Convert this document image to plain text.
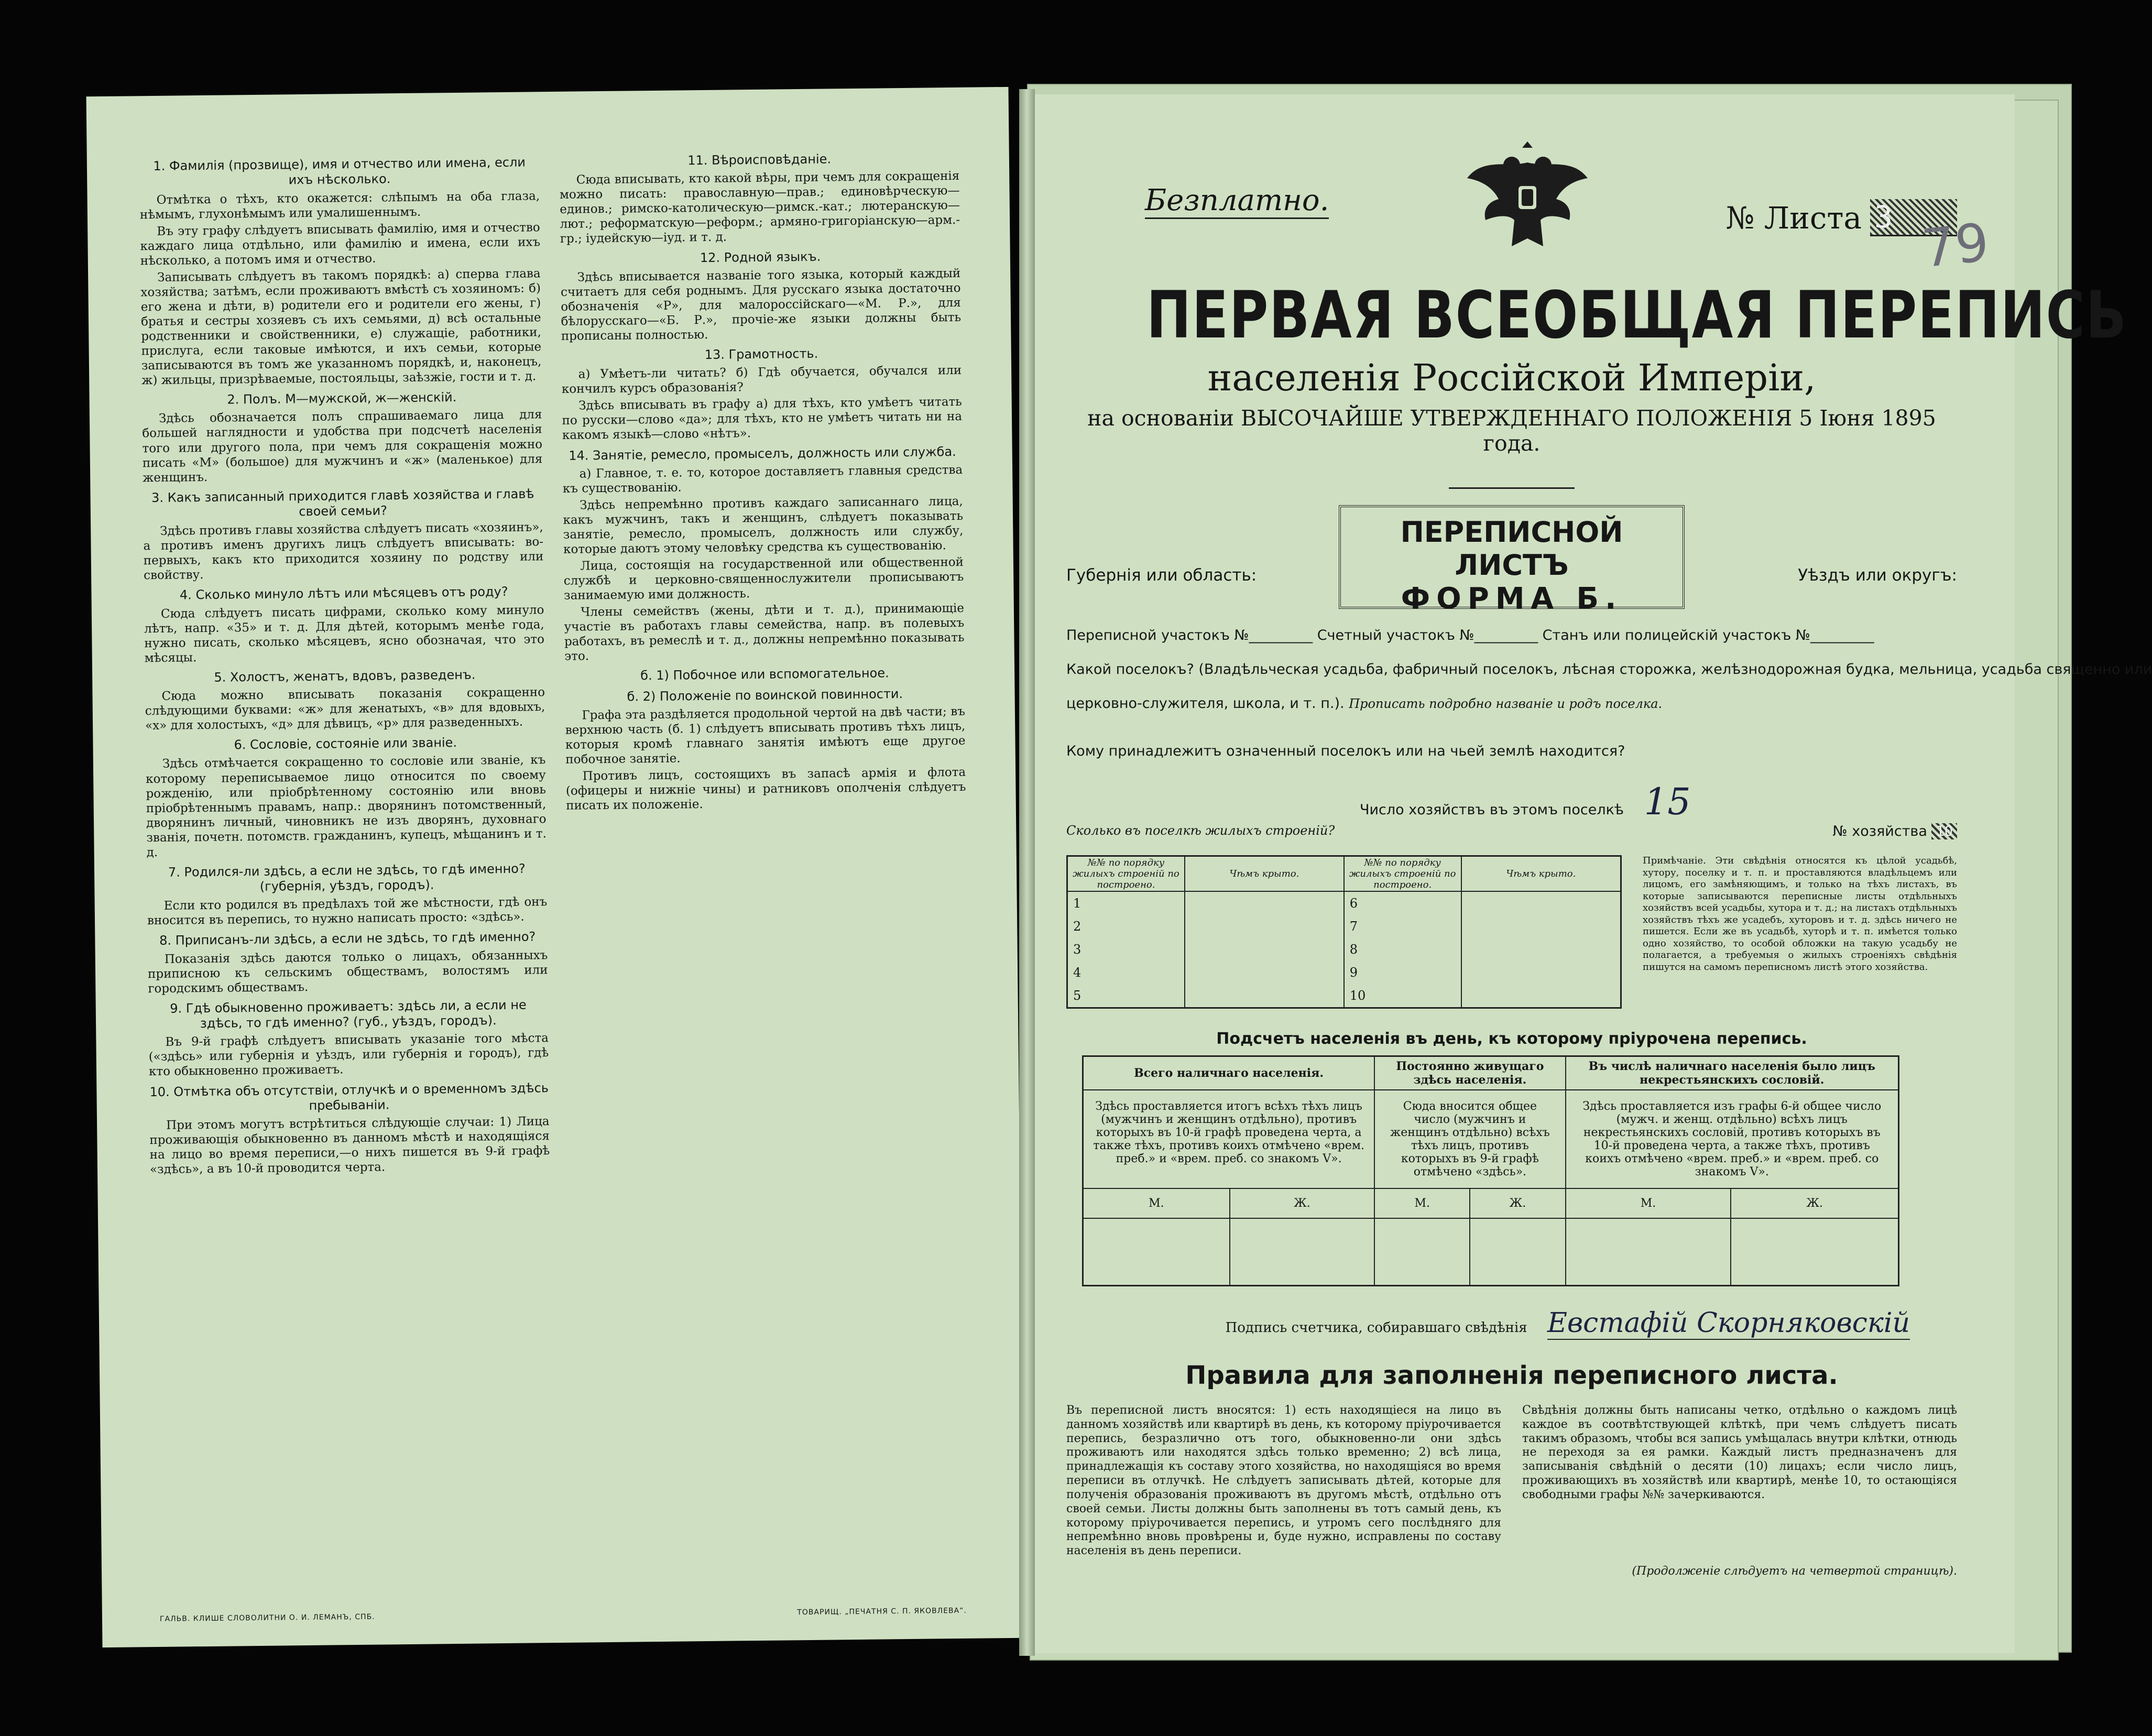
1. Фамилія (прозвище), имя и отчество или имена, если ихъ нѣсколько.
Отмѣтка о тѣхъ, кто окажется: слѣпымъ на оба глаза, нѣмымъ, глухонѣмымъ или умалишеннымъ.
Въ эту графу слѣдуетъ вписывать фамилію, имя и отчество каждаго лица отдѣльно, или фамилію и имена, если ихъ нѣсколько, а потомъ имя и отчество.
Записывать слѣдуетъ въ такомъ порядкѣ: а) сперва глава хозяйства; затѣмъ, если проживаютъ вмѣстѣ съ хозяиномъ: б) его жена и дѣти, в) родители его и родители его жены, г) братья и сестры хозяевъ съ ихъ семьями, д) всѣ остальные родственники и свойственники, е) служащіе, работники, прислуга, если таковые имѣются, и ихъ семьи, которые записываются въ томъ же указанномъ порядкѣ, и, наконецъ, ж) жильцы, призрѣваемые, постояльцы, заѣзжіе, гости и т. д.
2. Полъ. М—мужской, ж—женскій.
Здѣсь обозначается полъ спрашиваемаго лица для большей наглядности и удобства при подсчетѣ населенія того или другого пола, при чемъ для сокращенія можно писать «М» (большое) для мужчинъ и «ж» (маленькое) для женщинъ.
3. Какъ записанный приходится главѣ хозяйства и главѣ своей семьи?
Здѣсь противъ главы хозяйства слѣдуетъ писать «хозяинъ», а противъ именъ другихъ лицъ слѣдуетъ вписывать: во-первыхъ, какъ кто приходится хозяину по родству или свойству.
4. Сколько минуло лѣтъ или мѣсяцевъ отъ роду?
Сюда слѣдуетъ писать цифрами, сколько кому минуло лѣтъ, напр. «35» и т. д. Для дѣтей, которымъ менѣе года, нужно писать, сколько мѣсяцевъ, ясно обозначая, что это мѣсяцы.
5. Холостъ, женатъ, вдовъ, разведенъ.
Сюда можно вписывать показанія сокращенно слѣдующими буквами: «ж» для женатыхъ, «в» для вдовыхъ, «х» для холостыхъ, «д» для дѣвицъ, «р» для разведенныхъ.
6. Сословіе, состояніе или званіе.
Здѣсь отмѣчается сокращенно то сословіе или званіе, къ которому переписываемое лицо относится по своему рожденію, или пріобрѣтенному состоянію или вновь пріобрѣтеннымъ правамъ, напр.: дворянинъ потомственный, дворянинъ личный, чиновникъ не изъ дворянъ, духовнаго званія, почетн. потомств. гражданинъ, купецъ, мѣщанинъ и т. д.
7. Родился-ли здѣсь, а если не здѣсь, то гдѣ именно? (губернія, уѣздъ, городъ).
Если кто родился въ предѣлахъ той же мѣстности, гдѣ онъ вносится въ перепись, то нужно написать просто: «здѣсь».
8. Приписанъ-ли здѣсь, а если не здѣсь, то гдѣ именно?
Показанія здѣсь даются только о лицахъ, обязанныхъ приписною къ сельскимъ обществамъ, волостямъ или городскимъ обществамъ.
9. Гдѣ обыкновенно проживаетъ: здѣсь ли, а если не здѣсь, то гдѣ именно? (губ., уѣздъ, городъ).
Въ 9-й графѣ слѣдуетъ вписывать указаніе того мѣста («здѣсь» или губернія и уѣздъ, или губернія и городъ), гдѣ кто обыкновенно проживаетъ.
10. Отмѣтка объ отсутствіи, отлучкѣ и о временномъ здѣсь пребываніи.
При этомъ могутъ встрѣтиться слѣдующіе случаи: 1) Лица проживающія обыкновенно въ данномъ мѣстѣ и находящіяся на лицо во время переписи,—о нихъ пишется въ 9-й графѣ «здѣсь», а въ 10-й проводится черта.
11. Вѣроисповѣданіе.
Сюда вписывать, кто какой вѣры, при чемъ для сокращенія можно писать: православную—прав.; единовѣрческую—единов.; римско-католическую—римск.-кат.; лютеранскую—лют.; реформатскую—реформ.; армяно-григоріанскую—арм.-гр.; іудейскую—іуд. и т. д.
12. Родной языкъ.
Здѣсь вписывается названіе того языка, который каждый считаетъ для себя роднымъ. Для русскаго языка достаточно обозначенія «Р», для малороссійскаго—«М. Р.», для бѣлорусскаго—«Б. Р.», прочіе-же языки должны быть прописаны полностью.
13. Грамотность.
а) Умѣетъ-ли читать? б) Гдѣ обучается, обучался или кончилъ курсъ образованія?
Здѣсь вписывать въ графу а) для тѣхъ, кто умѣетъ читать по русски—слово «да»; для тѣхъ, кто не умѣетъ читать ни на какомъ языкѣ—слово «нѣтъ».
14. Занятіе, ремесло, промыселъ, должность или служба.
а) Главное, т. е. то, которое доставляетъ главныя средства къ существованію.
Здѣсь непремѣнно противъ каждаго записаннаго лица, какъ мужчинъ, такъ и женщинъ, слѣдуетъ показывать занятіе, ремесло, промыселъ, должность или службу, которые даютъ этому человѣку средства къ существованію.
Лица, состоящія на государственной или общественной службѣ и церковно-священнослужители прописываютъ занимаемую ими должность.
Члены семействъ (жены, дѣти и т. д.), принимающіе участіе въ работахъ главы семейства, напр. въ полевыхъ работахъ, въ ремеслѣ и т. д., должны непремѣнно показывать это.
б. 1) Побочное или вспомогательное.
б. 2) Положеніе по воинской повинности.
Графа эта раздѣляется продольной чертой на двѣ части; въ верхнюю часть (б. 1) слѣдуетъ вписывать противъ тѣхъ лицъ, которыя кромѣ главнаго занятія имѣютъ еще другое побочное занятіе.
Противъ лицъ, состоящихъ въ запасѣ армія и флота (офицеры и нижніе чины) и ратниковъ ополченія слѣдуетъ писать их положеніе.
ГАЛЬВ. КЛИШЕ СЛОВОЛИТНИ О. И. ЛЕМАНЪ, СПБ.
ТОВАРИЩ. „ПЕЧАТНЯ С. П. ЯКОВЛЕВА“.
Безплатно.	№ Листа 3 79
ПЕРВАЯ ВСЕОБЩАЯ ПЕРЕПИСЬ
населенія Россійской Имперіи,
на основаніи ВЫСОЧАЙШЕ УТВЕРЖДЕННАГО ПОЛОЖЕНІЯ 5 Іюня 1895 года.
Губернія или область:
ПЕРЕПИСНОЙ ЛИСТЪ
ФОРМА Б.
Уѣздъ или округъ:
Переписной участокъ №_________ Счетный участокъ №_________ Станъ или полицейскій участокъ №_________
Какой поселокъ? (Владѣльческая усадьба, фабричный поселокъ, лѣсная сторожка, желѣзнодорожная будка, мельница, усадьба священно или
церковно-служителя, школа, и т. п.). Прописать подробно названіе и родъ поселка.
Кому принадлежитъ означенный поселокъ или на чьей землѣ находится?
Число хозяйствъ въ этомъ поселкѣ 15
Сколько въ поселкѣ жилыхъ строеній?	№ хозяйства 10
№№ по порядку жилыхъ строеній по построено.	Чѣмъ крыто.	№№ по порядку жилыхъ строеній по построено.	Чѣмъ крыто.
1		6	
2		7	
3		8	
4		9	
5		10	
Примѣчаніе. Эти свѣдѣнія относятся къ цѣлой усадьбѣ, хутору, поселку и т. п. и проставляются владѣльцемъ или лицомъ, его замѣняющимъ, и только на тѣхъ листахъ, въ которые записываются переписные листы отдѣльныхъ хозяйствъ всей усадьбы, хутора и т. д.; на листахъ отдѣльныхъ хозяйствъ тѣхъ же усадебъ, хуторовъ и т. д. здѣсь ничего не пишется. Если же въ усадьбѣ, хуторѣ и т. п. имѣется только одно хозяйство, то особой обложки на такую усадьбу не полагается, а требуемыя о жилыхъ строеніяхъ свѣдѣнія пишутся на самомъ переписномъ листѣ этого хозяйства.
Подсчетъ населенія въ день, къ которому пріурочена перепись.
Всего наличнаго населенія.		Постоянно живущаго здѣсь населенія.		Въ числѣ наличнаго населенія было лицъ некрестьянскихъ сословій.	
Здѣсь проставляется итогъ всѣхъ тѣхъ лицъ (мужчинъ и женщинъ отдѣльно), противъ которыхъ въ 10-й графѣ проведена черта, а также тѣхъ, противъ коихъ отмѣчено «врем. преб.» и «врем. преб. со знакомъ V».		Сюда вносится общее число (мужчинъ и женщинъ отдѣльно) всѣхъ тѣхъ лицъ, противъ которыхъ въ 9-й графѣ отмѣчено «здѣсь».		Здѣсь проставляется изъ графы 6-й общее число (мужч. и женщ. отдѣльно) всѣхъ лицъ некрестьянскихъ сословій, противъ которыхъ въ 10-й проведена черта, а также тѣхъ, противъ коихъ отмѣчено «врем. преб.» и «врем. преб. со знакомъ V».	
М.	Ж.	М.	Ж.	М.	Ж.

Подпись счетчика, собиравшаго свѣдѣнія Евстафій Скорняковскій
Правила для заполненія переписного листа.
Въ переписной листъ вносятся: 1) есть находящіеся на лицо въ данномъ хозяйствѣ или квартирѣ въ день, къ которому пріурочивается перепись, безразлично отъ того, обыкновенно-ли они здѣсь проживаютъ или находятся здѣсь только временно; 2) всѣ лица, принадлежащія къ составу этого хозяйства, но находящіяся во время переписи въ отлучкѣ. Не слѣдуетъ записывать дѣтей, которые для полученія образованія проживаютъ въ другомъ мѣстѣ, отдѣльно отъ своей семьи. Листы должны быть заполнены въ тотъ самый день, къ которому пріурочивается перепись, и утромъ сего послѣдняго для непремѣнно вновь провѣрены и, буде нужно, исправлены по составу населенія въ день переписи.
Свѣдѣнія должны быть написаны четко, отдѣльно о каждомъ лицѣ каждое въ соотвѣтствующей клѣткѣ, при чемъ слѣдуетъ писать такимъ образомъ, чтобы вся запись умѣщалась внутри клѣтки, отнюдь не переходя за ея рамки. Каждый листъ предназначенъ для записыванія свѣдѣній о десяти (10) лицахъ; если число лицъ, проживающихъ въ хозяйствѣ или квартирѣ, менѣе 10, то остающіяся свободными графы №№ зачеркиваются.
(Продолженіе слѣдуетъ на четвертой страницѣ).
